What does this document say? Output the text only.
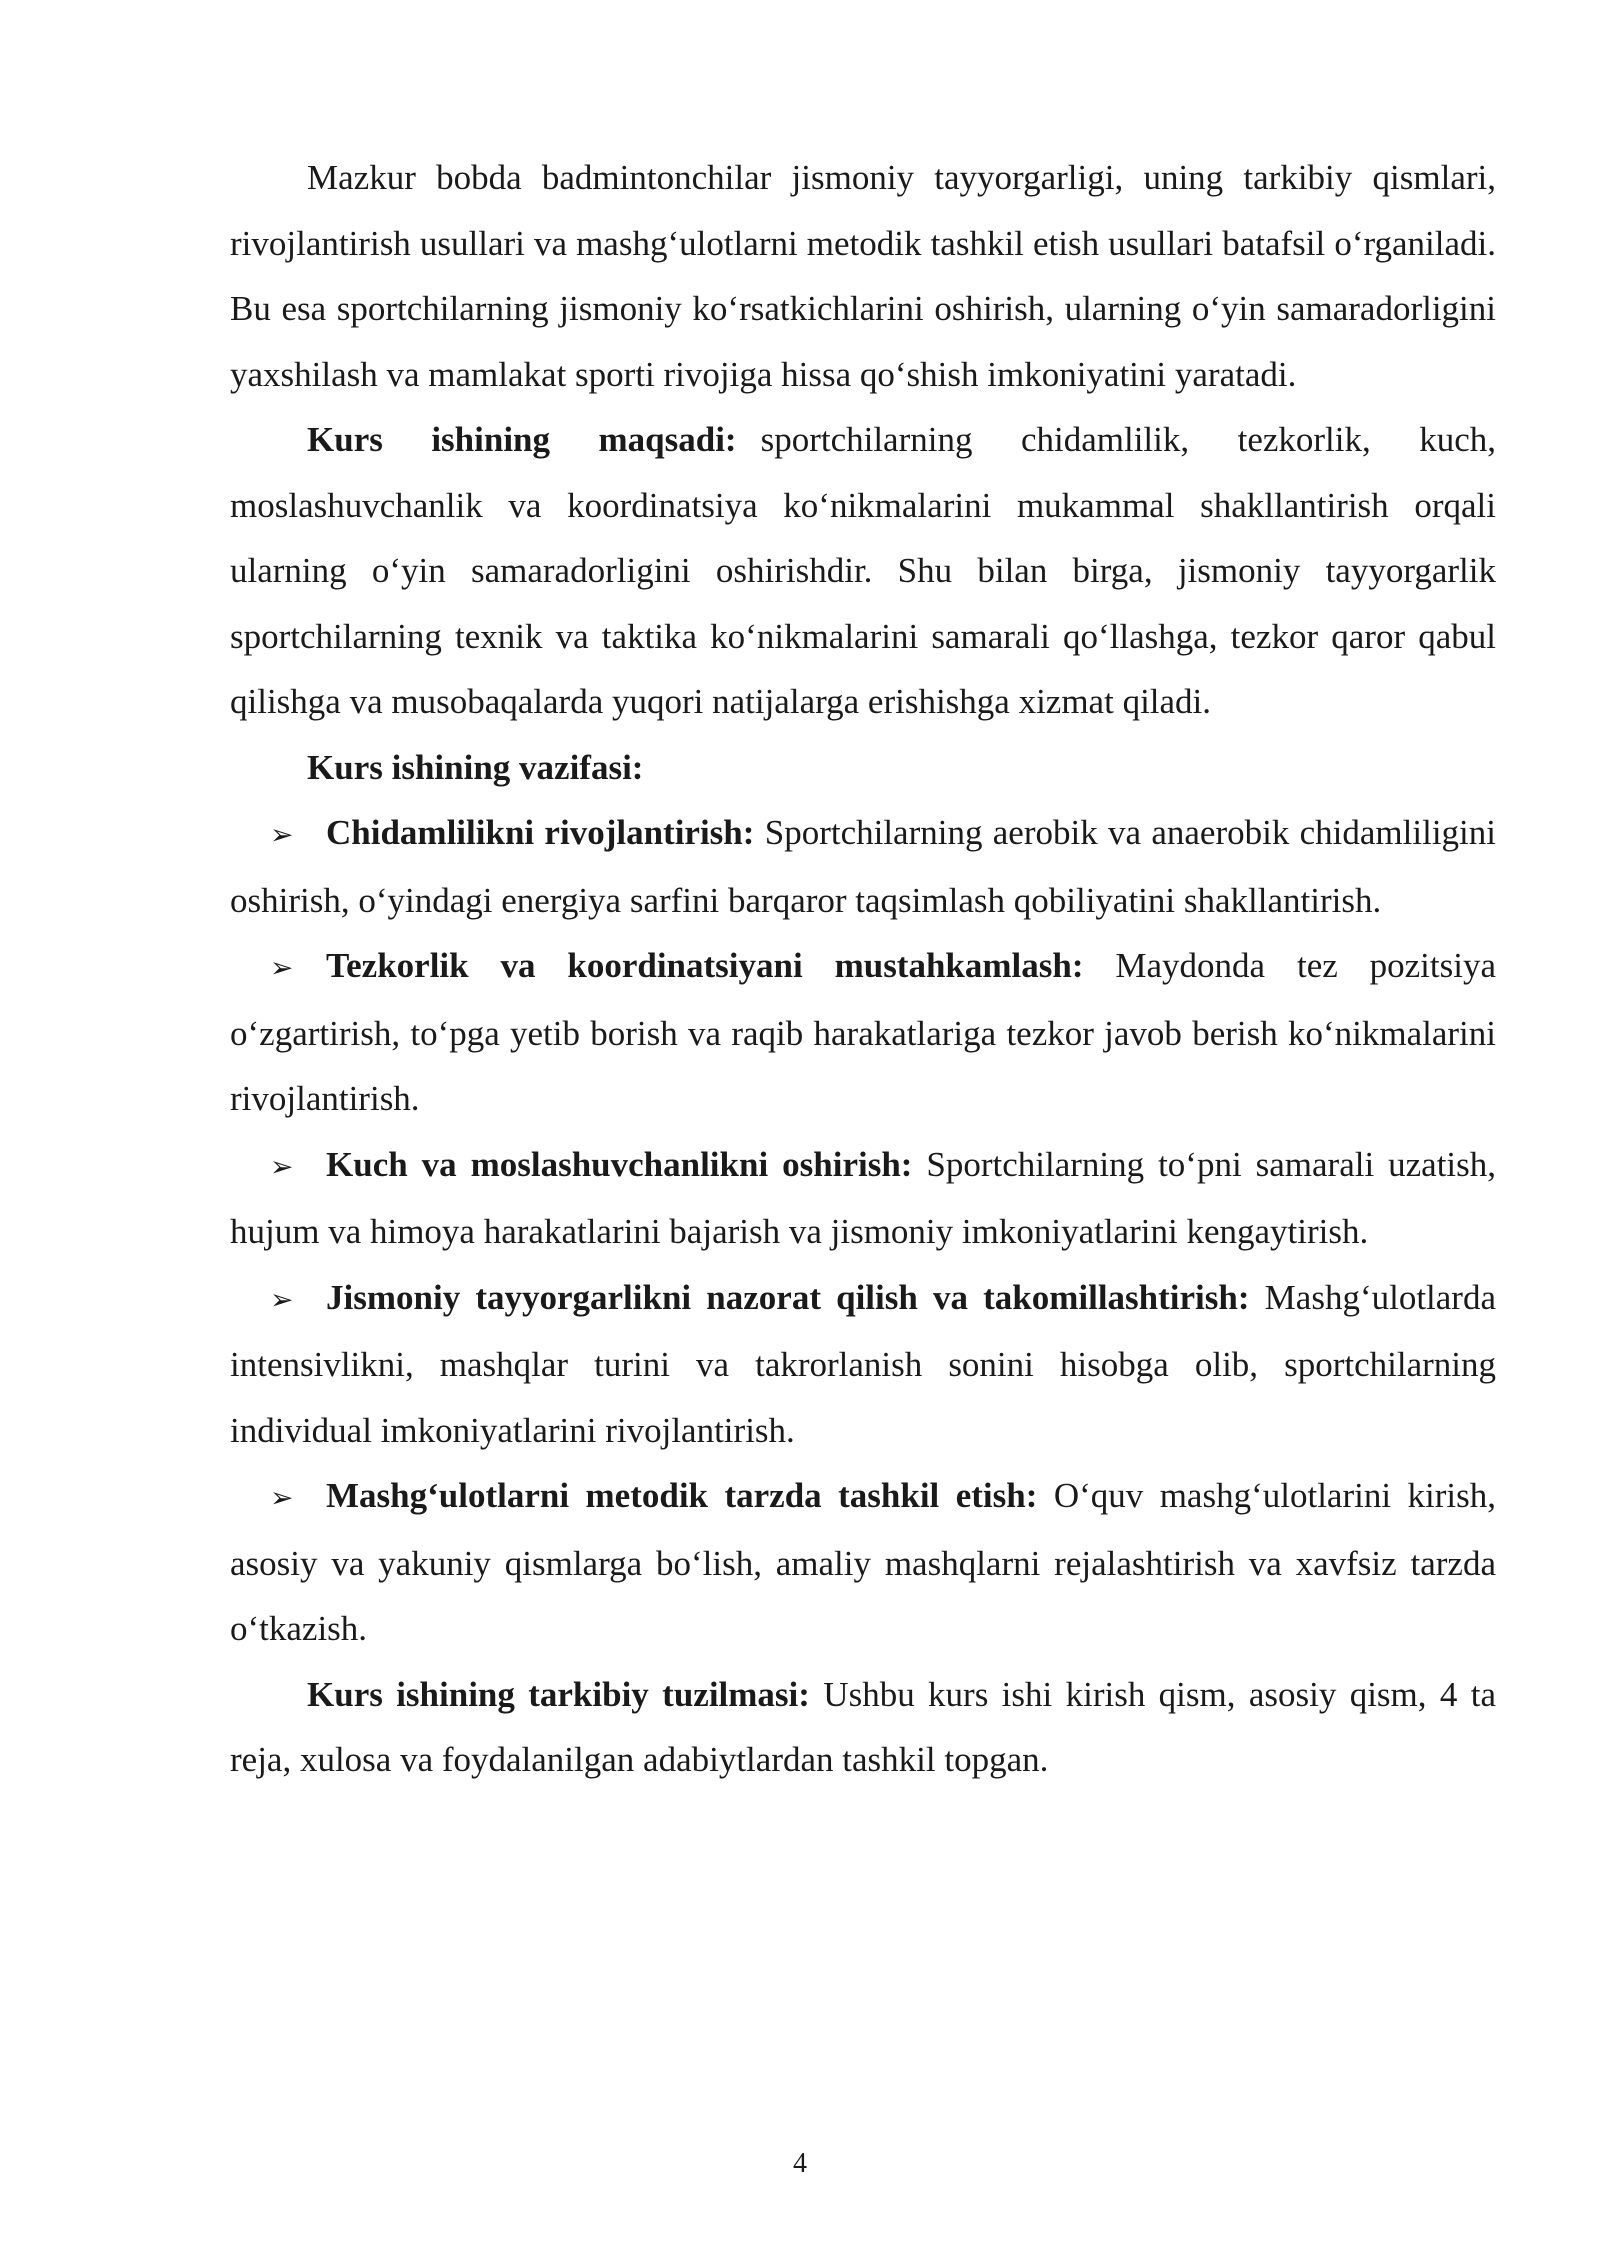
Mazkur bobda badmintonchilar jismoniy tayyorgarligi, uning tarkibiy qismlari, rivojlantirish usullari va mashg‘ulotlarni metodik tashkil etish usullari batafsil o‘rganiladi. Bu esa sportchilarning jismoniy ko‘rsatkichlarini oshirish, ularning o‘yin samaradorligini yaxshilash va mamlakat sporti rivojiga hissa qo‘shish imkoniyatini yaratadi.

Kurs ishining maqsadi: sportchilarning chidamlilik, tezkorlik, kuch, moslashuvchanlik va koordinatsiya ko‘nikmalarini mukammal shakllantirish orqali ularning o‘yin samaradorligini oshirishdir. Shu bilan birga, jismoniy tayyorgarlik sportchilarning texnik va taktika ko‘nikmalarini samarali qo‘llashga, tezkor qaror qabul qilishga va musobaqalarda yuqori natijalarga erishishga xizmat qiladi.

Kurs ishining vazifasi:

➢ Chidamlilikni rivojlantirish: Sportchilarning aerobik va anaerobik chidamliligini oshirish, o‘yindagi energiya sarfini barqaror taqsimlash qobiliyatini shakllantirish.

➢ Tezkorlik va koordinatsiyani mustahkamlash: Maydonda tez pozitsiya o‘zgartirish, to‘pga yetib borish va raqib harakatlariga tezkor javob berish ko‘nikmalarini rivojlantirish.

➢ Kuch va moslashuvchanlikni oshirish: Sportchilarning to‘pni samarali uzatish, hujum va himoya harakatlarini bajarish va jismoniy imkoniyatlarini kengaytirish.

➢ Jismoniy tayyorgarlikni nazorat qilish va takomillashtirish: Mashg‘ulotlarda intensivlikni, mashqlar turini va takrorlanish sonini hisobga olib, sportchilarning individual imkoniyatlarini rivojlantirish.

➢ Mashg‘ulotlarni metodik tarzda tashkil etish: O‘quv mashg‘ulotlarini kirish, asosiy va yakuniy qismlarga bo‘lish, amaliy mashqlarni rejalashtirish va xavfsiz tarzda o‘tkazish.

Kurs ishining tarkibiy tuzilmasi: Ushbu kurs ishi kirish qism, asosiy qism, 4 ta reja, xulosa va foydalanilgan adabiytlardan tashkil topgan.

4
